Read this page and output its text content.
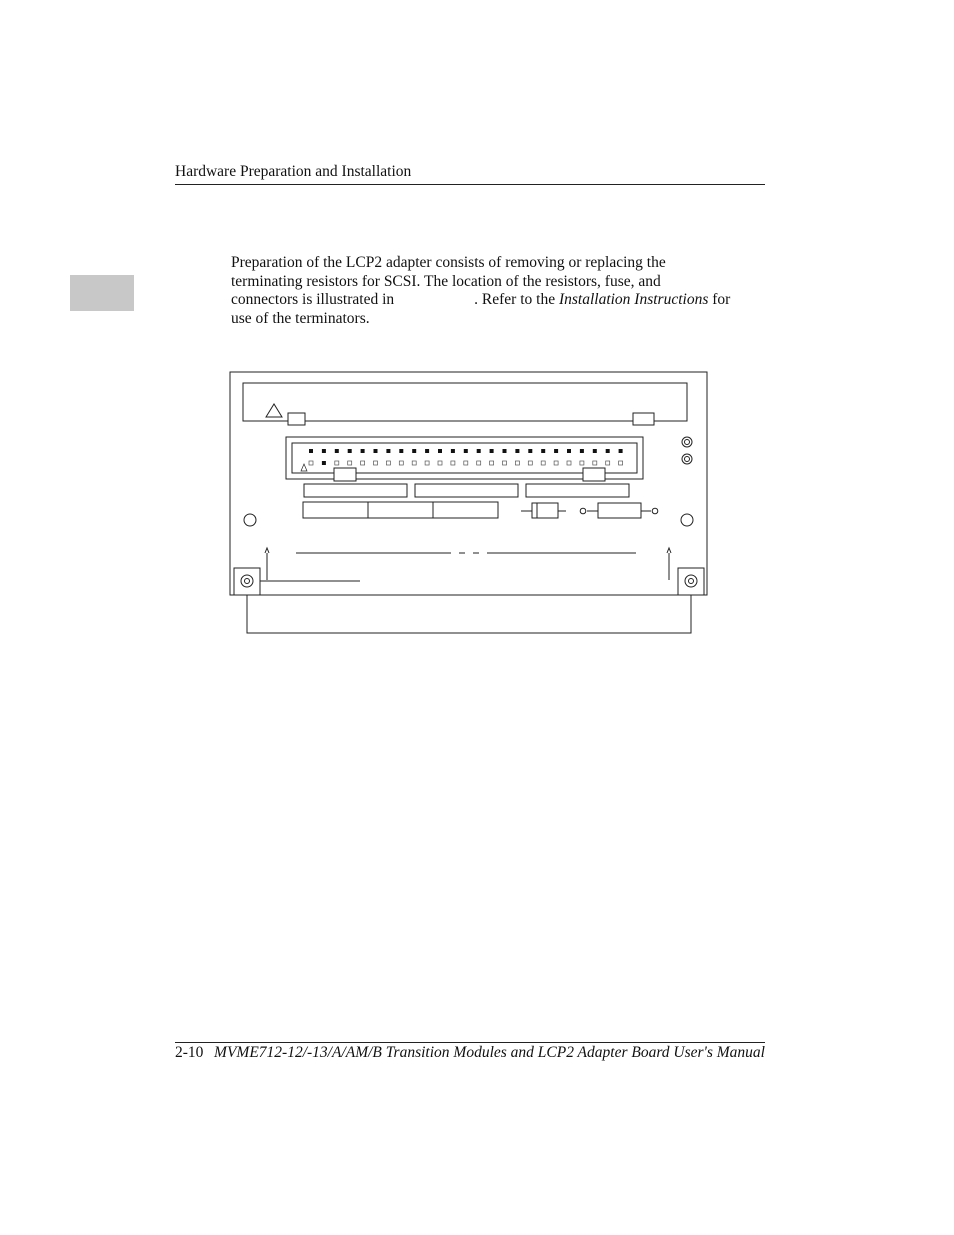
Hardware Preparation and Installation

Preparation of the LCP2 adapter consists of removing or replacing the

terminating resistors for SCSI. The location of the resistors, fuse, and

connectors is illustrated in	. Refer to the Installation Instructions for

use of the terminators.

2-10 MVME712-12/-13/A/AM/B Transition Modules and LCP2 Adapter Board User's Manual
